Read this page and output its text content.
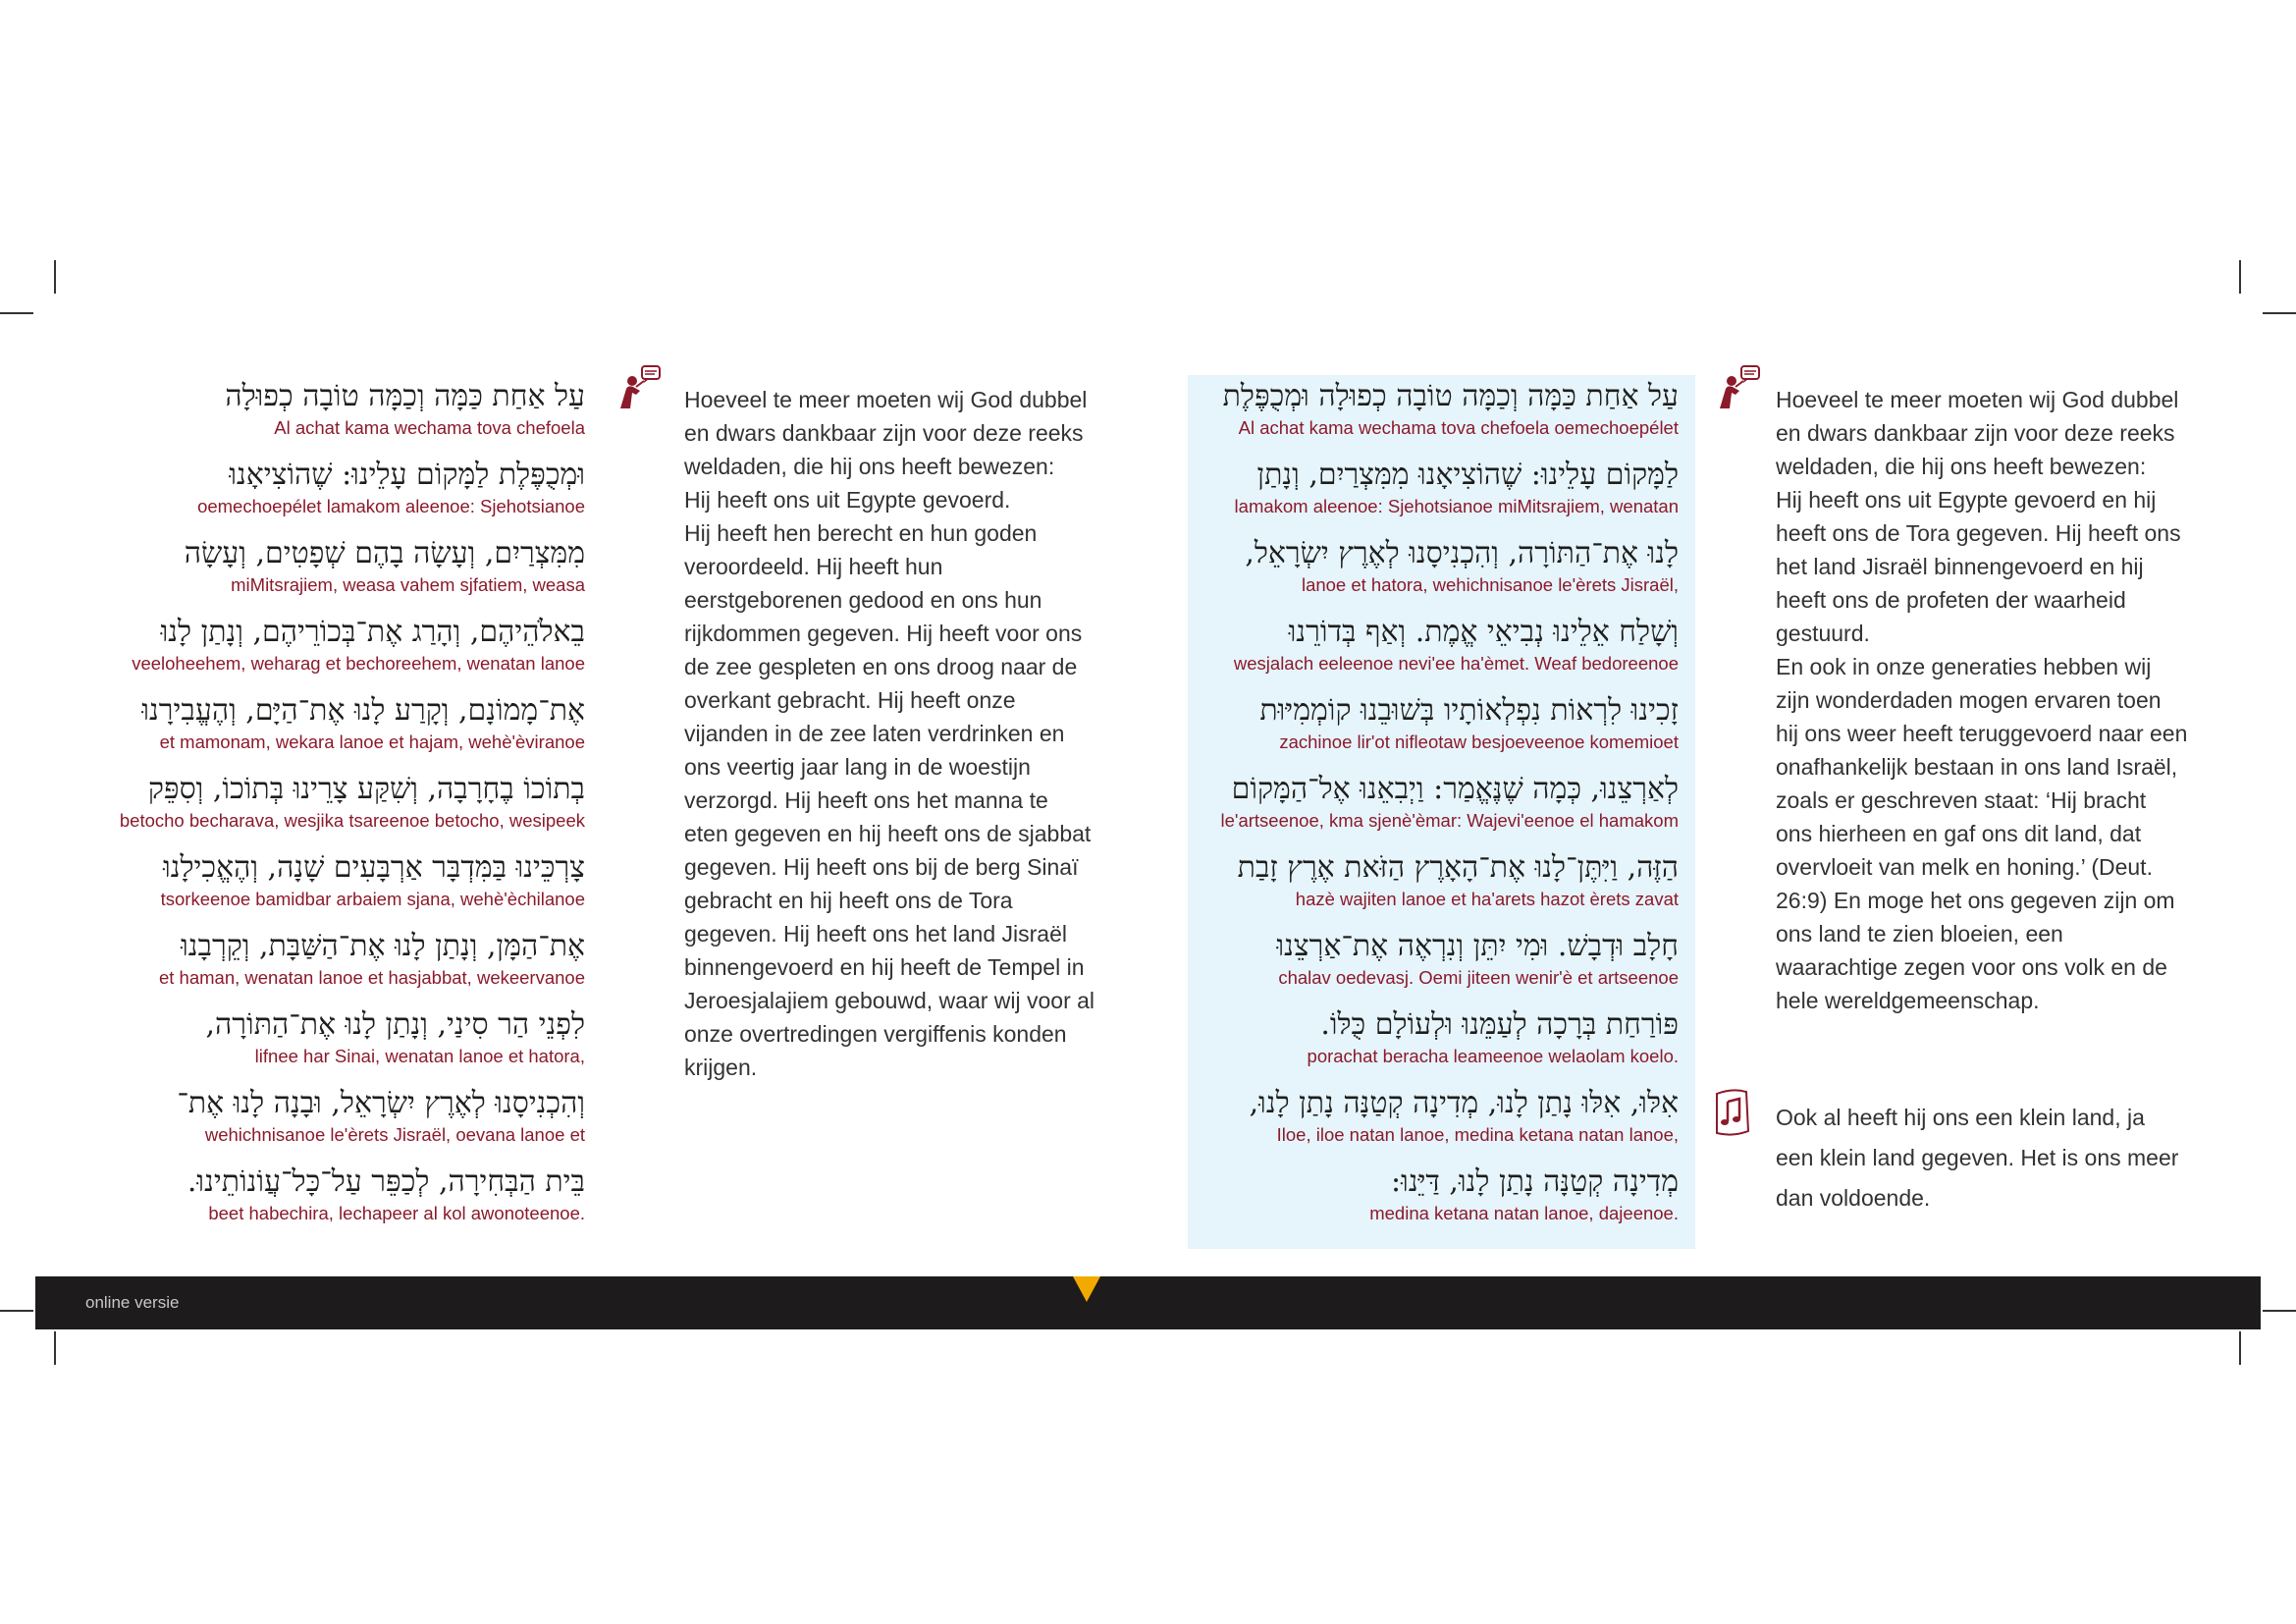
עַל אַחַת כַּמָּה וְכַמָּה טוֹבָה כְפוּלָה
Al achat kama wechama tova chefoela
וּמְכֻפֶּלֶת לַמָּקוֹם עָלֵינוּ: שֶׁהוֹצִיאָנוּ
oemechoepélet lamakom aleenoe: Sjehotsianoe
מִמִּצְרַיִם, וְעָשָׂה בָהֶם שְׁפָטִים, וְעָשָׂה
miMitsrajiem, weasa vahem sjfatiem, weasa
בֵאלֹהֵיהֶם, וְהָרַג אֶת־בְּכוֹרֵיהֶם, וְנָתַן לָנוּ
veeloheehem, weharag et bechoreehem, wenatan lanoe
אֶת־מָמוֹנָם, וְקָרַע לָנוּ אֶת־הַיָּם, וְהֶעֱבִירָנוּ
et mamonam, wekara lanoe et hajam, wehè'èviranoe
בְתוֹכוֹ בֶחָרָבָה, וְשִׁקַּע צָרֵינוּ בְּתוֹכוֹ, וְסִפֵּק
betocho becharava, wesjika tsareenoe betocho, wesipeek
צָרְכֵּינוּ בַּמִּדְבָּר אַרְבָּעִים שָׁנָה, וְהֶאֱכִילָנוּ
tsorkeenoe bamidbar arbaiem sjana, wehè'èchilanoe
אֶת־הַמָּן, וְנָתַן לָנוּ אֶת־הַשַּׁבָּת, וְקֵרְבָנוּ
et haman, wenatan lanoe et hasjabbat, wekeervanoe
לִפְנֵי הַר סִינַי, וְנָתַן לָנוּ אֶת־הַתּוֹרָה,
lifnee har Sinai, wenatan lanoe et hatora,
וְהִכְנִיסָנוּ לְאֶרֶץ יִשְׂרָאֵל, וּבָנָה לָנוּ אֶת־
wehichnisanoe le'èrets Jisraël, oevana lanoe et
בֵּית הַבְּחִירָה, לְכַפֵּר עַל־כָּל־עֲוֹנוֹתֵינוּ.
beet habechira, lechapeer al kol awonoteenoe.

Hoeveel te meer moeten wij God dubbel en dwars dankbaar zijn voor deze reeks weldaden, die hij ons heeft bewezen:

Hij heeft ons uit Egypte gevoerd.

Hij heeft hen berecht en hun goden veroordeeld. Hij heeft hun eerstgeborenen gedood en ons hun rijkdommen gegeven. Hij heeft voor ons de zee gespleten en ons droog naar de overkant gebracht. Hij heeft onze vijanden in de zee laten verdrinken en ons veertig jaar lang in de woestijn verzorgd. Hij heeft ons het manna te eten gegeven en hij heeft ons de sjabbat gegeven. Hij heeft ons bij de berg Sinaï gebracht en hij heeft ons de Tora gegeven. Hij heeft ons het land Jisraël binnengevoerd en hij heeft de Tempel in Jeroesjalajiem gebouwd, waar wij voor al onze overtredingen vergiffenis konden krijgen.

עַל אַחַת כַּמָּה וְכַמָּה טוֹבָה כְפוּלָה וּמְכֻפֶּלֶת
Al achat kama wechama tova chefoela oemechoepélet
לַמָּקוֹם עָלֵינוּ: שֶׁהוֹצִיאָנוּ מִמִּצְרַיִם, וְנָתַן
lamakom aleenoe: Sjehotsianoe miMitsrajiem, wenatan
לָנוּ אֶת־הַתּוֹרָה, וְהִכְנִיסָנוּ לְאֶרֶץ יִשְׂרָאֵל,
lanoe et hatora, wehichnisanoe le'èrets Jisraël,
וְשָׁלַח אֵלֵינוּ נְבִיאֵי אֱמֶת. וְאַף בְּדוֹרֵנוּ
wesjalach eeleenoe nevi'ee ha'èmet. Weaf bedoreenoe
זָכִינוּ לִרְאוֹת נִפְלְאוֹתָיו בְּשׁוּבֵנוּ קוֹמְמִיּוּת
zachinoe lir'ot nifleotaw besjoeveenoe komemioet
לְאַרְצֵנוּ, כְּמָה שֶׁנֶּאֱמַר: וַיְבִאֵנוּ אֶל־הַמָּקוֹם
le'artseenoe, kma sjenè'èmar: Wajevi'eenoe el hamakom
הַזֶּה, וַיִּתֶּן־לָנוּ אֶת־הָאָרֶץ הַזֹּאת אֶרֶץ זָבַת
hazè wajiten lanoe et ha'arets hazot èrets zavat
חָלָב וּדְבָשׁ. וּמִי יִתֵּן וְנִרְאֶה אֶת־אַרְצֵנוּ
chalav oedevasj. Oemi jiteen wenir'è et artseenoe
פּוֹרַחַת בְּרָכָה לְעַמֵּנוּ וּלְעוֹלָם כֻּלּוֹ.
porachat beracha leameenoe welaolam koelo.
אִלּוּ, אִלּוּ נָתַן לָנוּ, מְדִינָה קְטַנָּה נָתַן לָנוּ,
Iloe, iloe natan lanoe, medina ketana natan lanoe,
מְדִינָה קְטַנָּה נָתַן לָנוּ, דַּיֵּנוּ:
medina ketana natan lanoe, dajeenoe.

Hoeveel te meer moeten wij God dubbel en dwars dankbaar zijn voor deze reeks weldaden, die hij ons heeft bewezen:

Hij heeft ons uit Egypte gevoerd en hij heeft ons de Tora gegeven. Hij heeft ons het land Jisraël binnengevoerd en hij heeft ons de profeten der waarheid gestuurd.

En ook in onze generaties hebben wij zijn wonderdaden mogen ervaren toen hij ons weer heeft teruggevoerd naar een onafhankelijk bestaan in ons land Israël, zoals er geschreven staat: ‘Hij bracht ons hierheen en gaf ons dit land, dat overvloeit van melk en honing.’ (Deut. 26:9) En moge het ons gegeven zijn om ons land te zien bloeien, een waarachtige zegen voor ons volk en de hele wereldgemeenschap.

Ook al heeft hij ons een klein land, ja een klein land gegeven. Het is ons meer dan voldoende.

online versie
